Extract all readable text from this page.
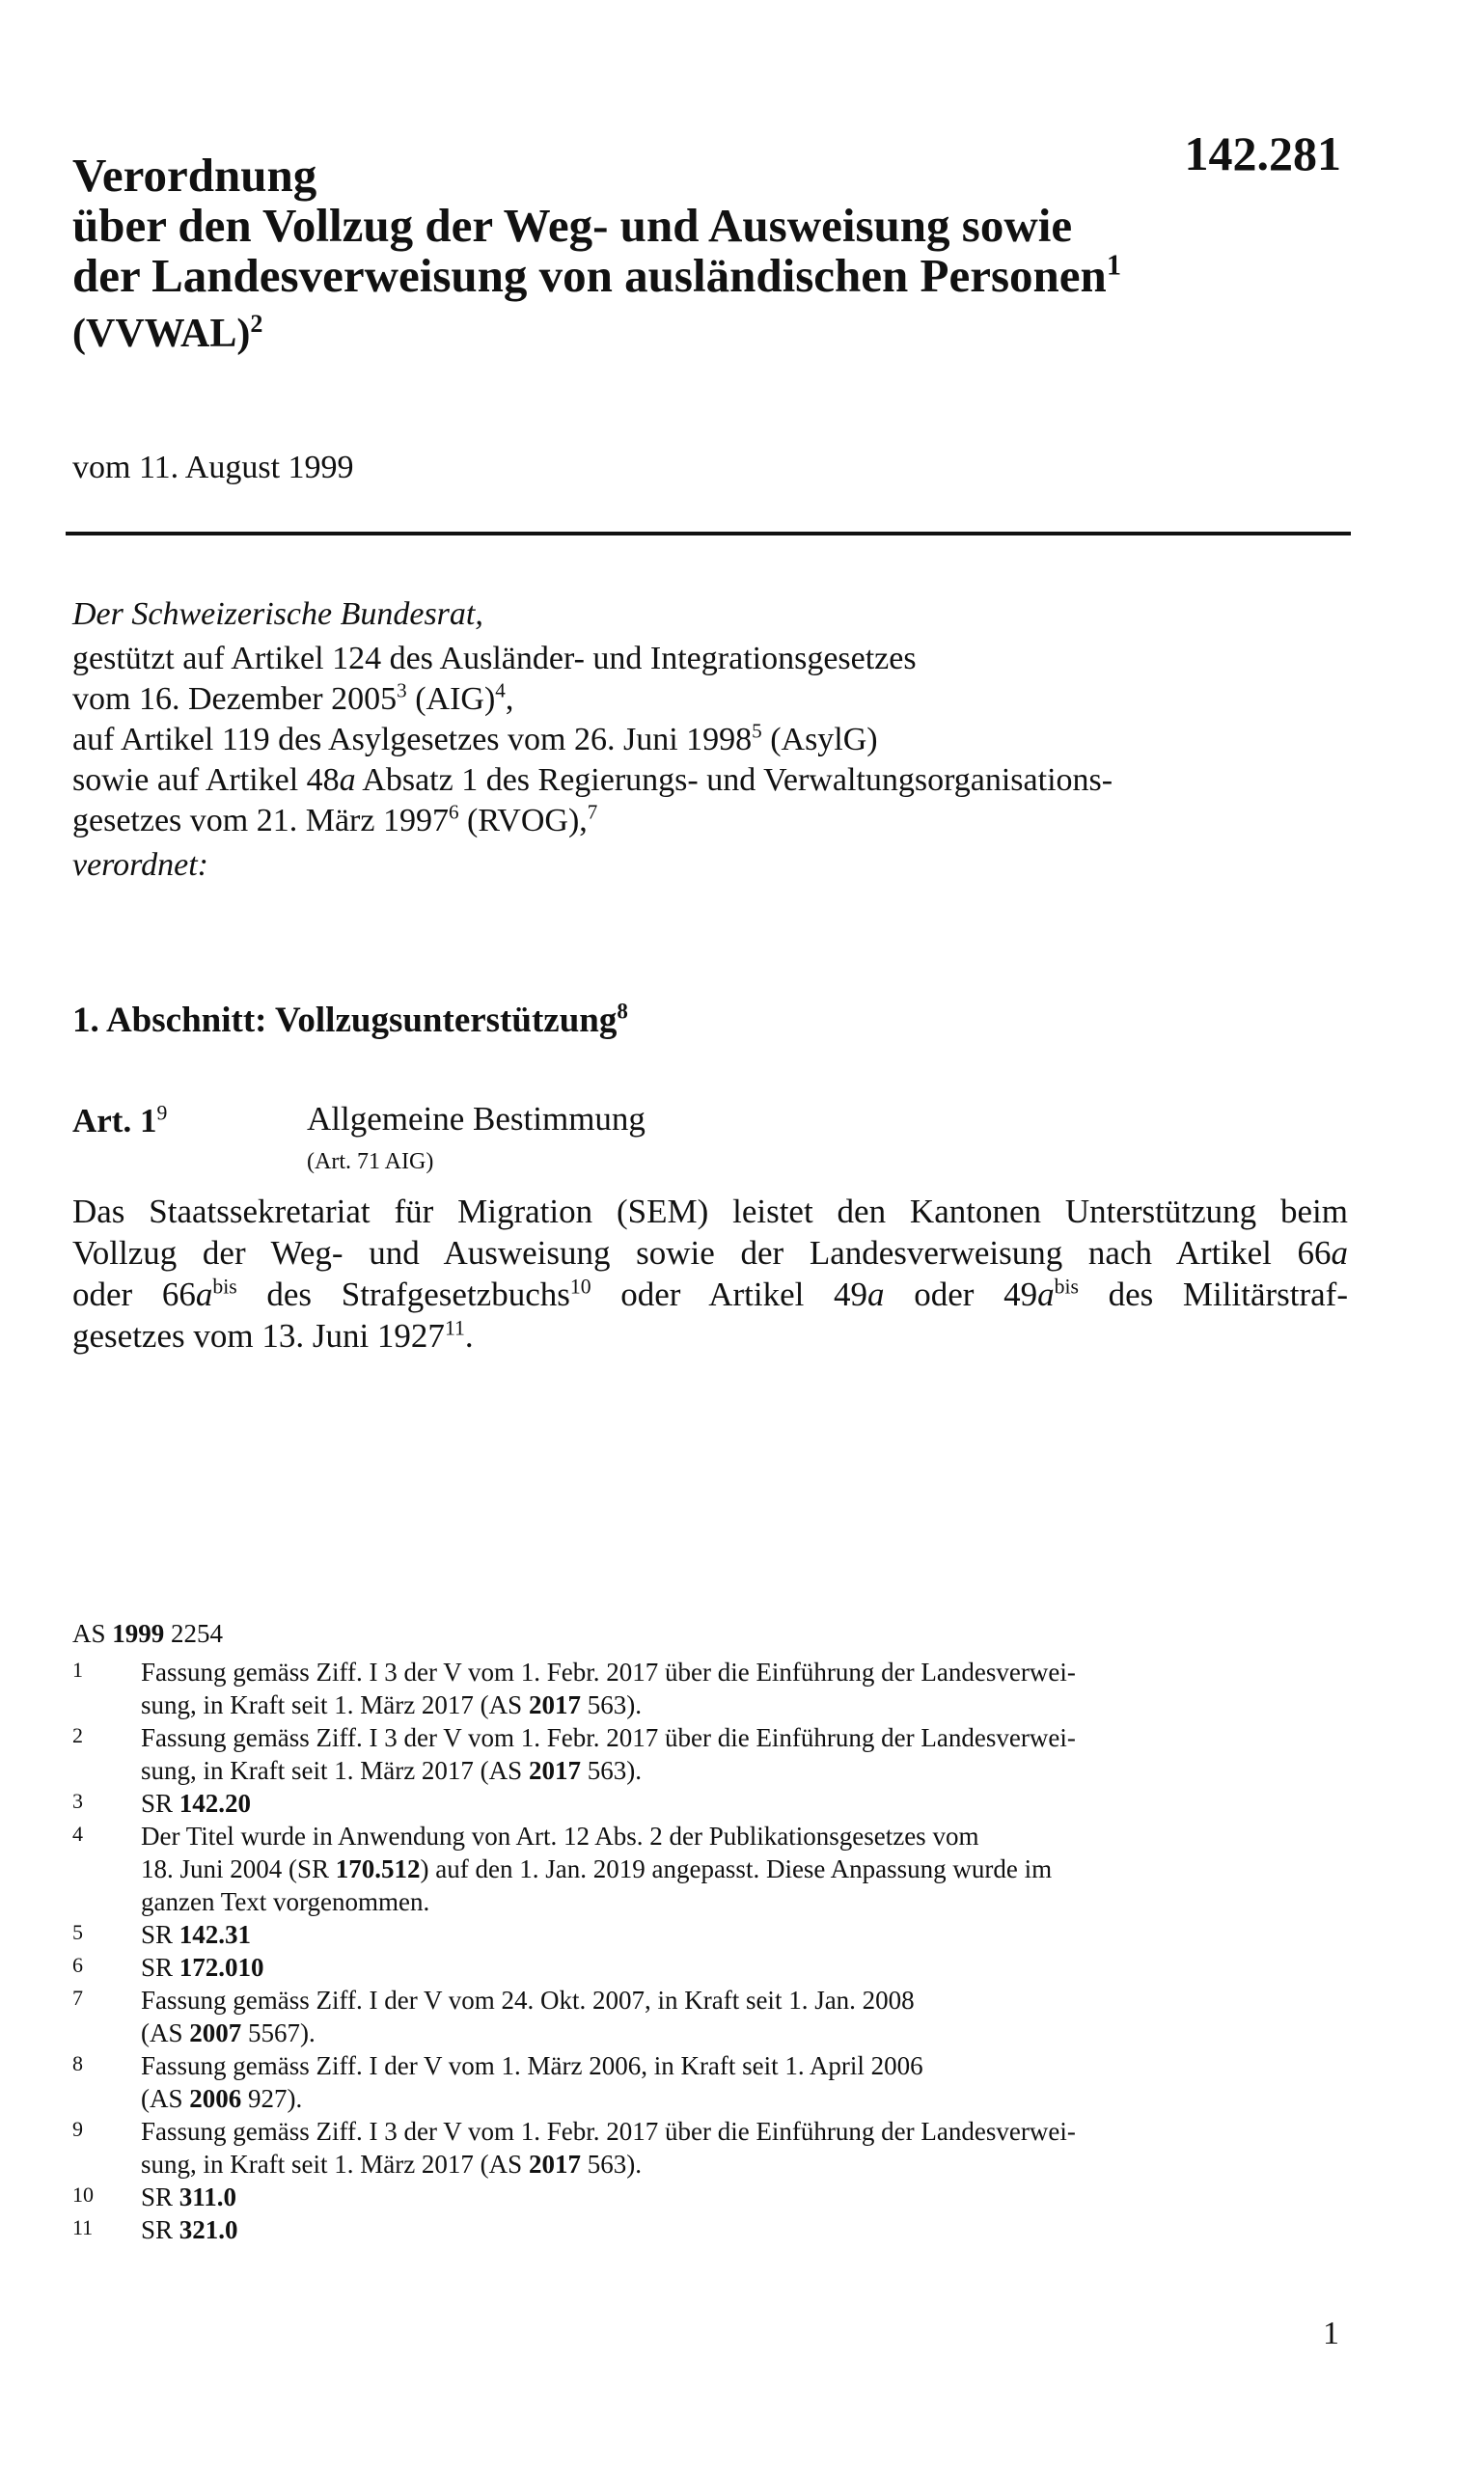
Verordnung
über den Vollzug der Weg- und Ausweisung sowie
der Landesverweisung von ausländischen Personen$^1$
(VVWAL)$^2$
142.281
vom 11. August 1999
Der Schweizerische Bundesrat,
gestützt auf Artikel 124 des Ausländer- und Integrationsgesetzes
vom 16. Dezember 2005$^3$ (AIG)$^4$,
auf Artikel 119 des Asylgesetzes vom 26. Juni 1998$^5$ (AsylG)
sowie auf Artikel 48a Absatz 1 des Regierungs- und Verwaltungsorganisations-
gesetzes vom 21. März 1997$^6$ (RVOG),$^7$
verordnet:
1. Abschnitt: Vollzugsunterstützung$^8$
Art. $1^9$	Allgemeine Bestimmung
(Art. 71 AIG)
Das Staatssekretariat für Migration (SEM) leistet den Kantonen Unterstützung beim
Vollzug der Weg- und Ausweisung sowie der Landesverweisung nach Artikel 66a
oder $66a^{bis}$ des Strafgesetzbuchs$^{10}$ oder Artikel 49a oder $49a^{bis}$ des Militärstraf-
gesetzes vom 13. Juni 1927$^{11}$.
AS 1999 2254
1	Fassung gemäss Ziff. I 3 der V vom 1. Febr. 2017 über die Einführung der Landesverwei-
sung, in Kraft seit 1. März 2017 (AS 2017 563).
2	Fassung gemäss Ziff. I 3 der V vom 1. Febr. 2017 über die Einführung der Landesverwei-
sung, in Kraft seit 1. März 2017 (AS 2017 563).
3	SR 142.20
4	Der Titel wurde in Anwendung von Art. 12 Abs. 2 der Publikationsgesetzes vom
18. Juni 2004 (SR 170.512) auf den 1. Jan. 2019 angepasst. Diese Anpassung wurde im
ganzen Text vorgenommen.
5	SR 142.31
6	SR 172.010
7	Fassung gemäss Ziff. I der V vom 24. Okt. 2007, in Kraft seit 1. Jan. 2008
(AS 2007 5567).
8	Fassung gemäss Ziff. I der V vom 1. März 2006, in Kraft seit 1. April 2006
(AS 2006 927).
9	Fassung gemäss Ziff. I 3 der V vom 1. Febr. 2017 über die Einführung der Landesverwei-
sung, in Kraft seit 1. März 2017 (AS 2017 563).
10	SR 311.0
11	SR 321.0
1
